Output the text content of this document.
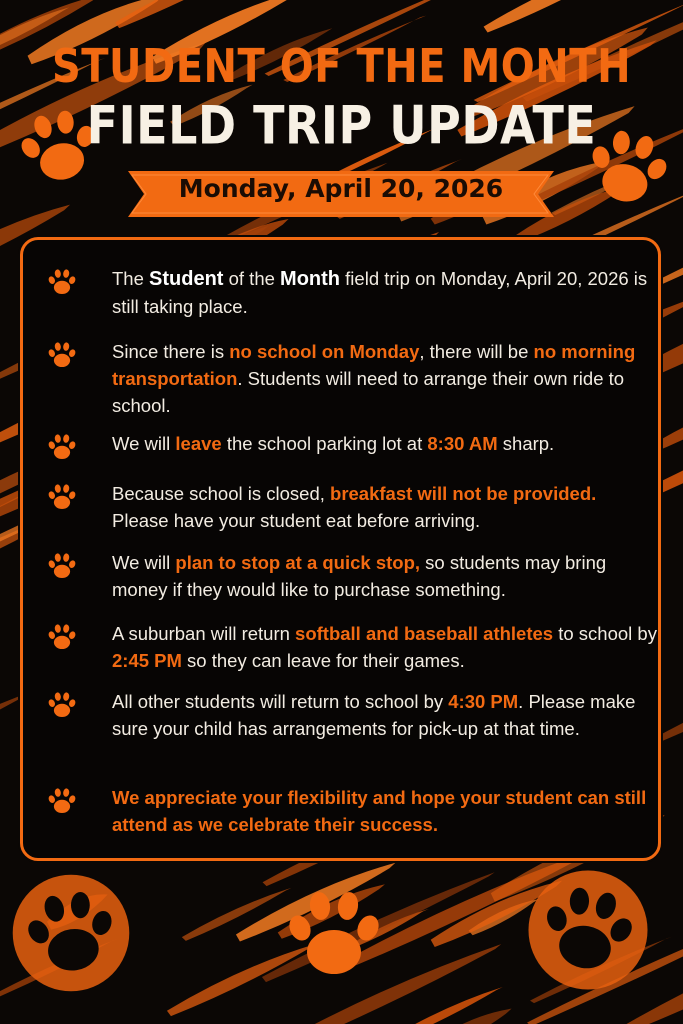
STUDENT OF THE MONTH
FIELD TRIP UPDATE
Monday, April 20, 2026
The Student of the Month field trip on Monday, April 20, 2026 is still taking place.
Since there is no school on Monday, there will be no morning transportation. Students will need to arrange their own ride to school.
We will leave the school parking lot at 8:30 AM sharp.
Because school is closed, breakfast will not be provided. Please have your student eat before arriving.
We will plan to stop at a quick stop, so students may bring money if they would like to purchase something.
A suburban will return softball and baseball athletes to school by 2:45 PM so they can leave for their games.
All other students will return to school by 4:30 PM. Please make sure your child has arrangements for pick-up at that time.
We appreciate your flexibility and hope your student can still attend as we celebrate their success.
